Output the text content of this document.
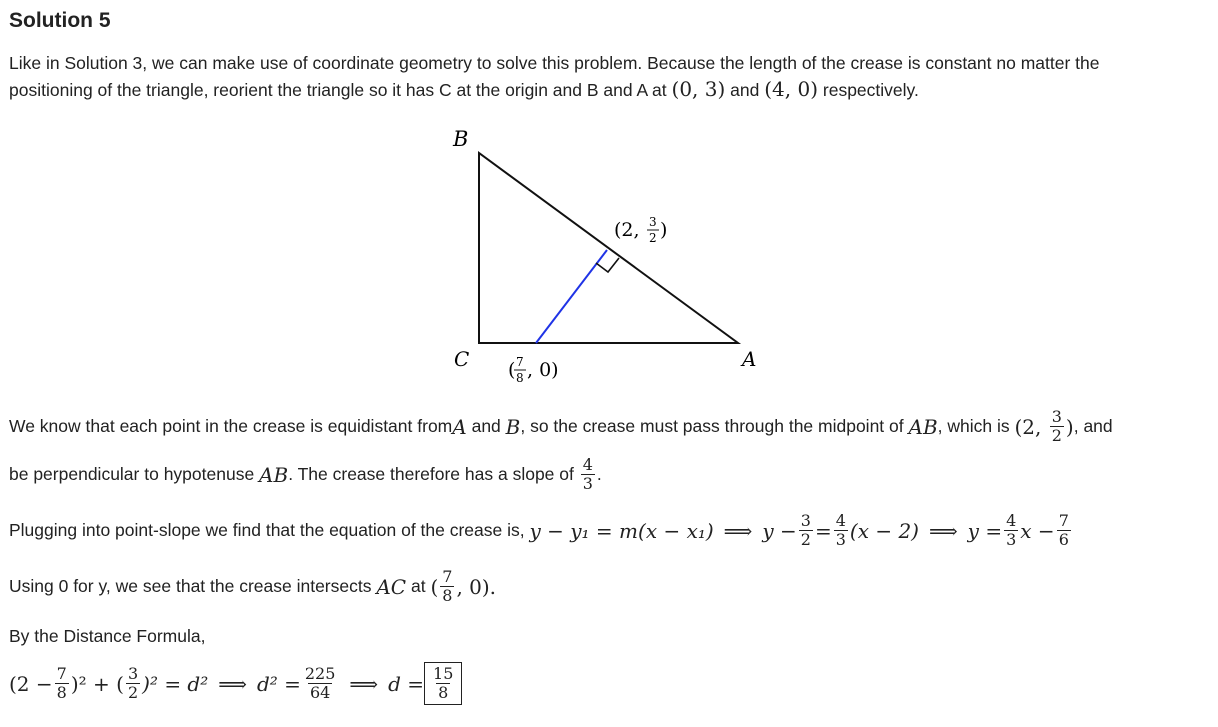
Solution 5
Like in Solution 3, we can make use of coordinate geometry to solve this problem. Because the length of the crease is constant no matter the
positioning of the triangle, reorient the triangle so it has C at the origin and B and A at (0, 3) and (4, 0) respectively.
B
C	A
(2, 3
2 )
( 7
8 , 0)
We know that each point in the crease is equidistant from A and B , so the crease must pass through the midpoint of AB , which is (2, $\frac{3}{2}$ ) , and
be perpendicular to hypotenuse AB . The crease therefore has a slope of $\frac{4}{3}$ .
Plugging into point-slope we find that the equation of the crease is, y − y₁ = m(x − x₁) ⟹ $y - \frac{3}{2} = \frac{4}{3} (x - 2)$ ⟹ $y = \frac{4}{3}$ $x - \frac{7}{6}$
Using 0 for y, we see that the crease intersects AC at ( $\frac{7}{8}$ , 0).
By the Distance Formula,
$(2 - \frac{7}{8} )^2$ + ( $\frac{3}{2} )^2 = d^2$ ⟹ $d^2 = \frac{225}{64}$ ⟹ $d = \frac{15}{8}$
